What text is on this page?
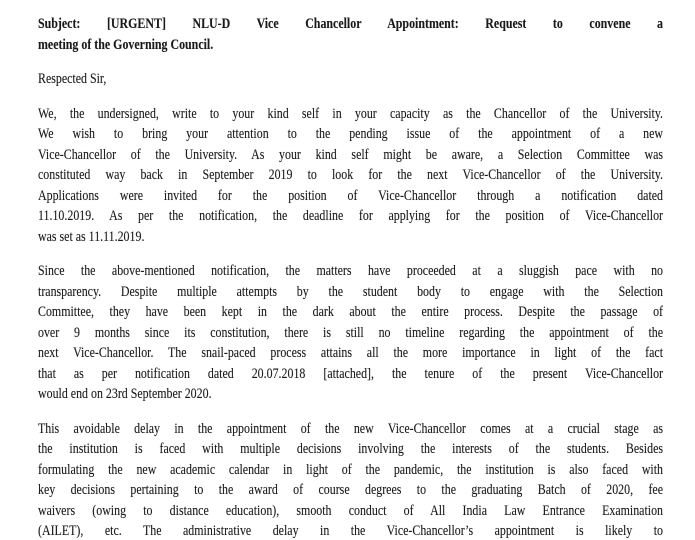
Subject: [URGENT] NLU-D Vice Chancellor Appointment: Request to convene a
meeting of the Governing Council.
Respected Sir,
We, the undersigned, write to your kind self in your capacity as the Chancellor of the University.
We wish to bring your attention to the pending issue of the appointment of a new
Vice-Chancellor of the University. As your kind self might be aware, a Selection Committee was
constituted way back in September 2019 to look for the next Vice-Chancellor of the University.
Applications were invited for the position of Vice-Chancellor through a notification dated
11.10.2019. As per the notification, the deadline for applying for the position of Vice-Chancellor
was set as 11.11.2019.
Since the above-mentioned notification, the matters have proceeded at a sluggish pace with no
transparency. Despite multiple attempts by the student body to engage with the Selection
Committee, they have been kept in the dark about the entire process. Despite the passage of
over 9 months since its constitution, there is still no timeline regarding the appointment of the
next Vice-Chancellor. The snail-paced process attains all the more importance in light of the fact
that as per notification dated 20.07.2018 [attached], the tenure of the present Vice-Chancellor
would end on 23rd September 2020.
This avoidable delay in the appointment of the new Vice-Chancellor comes at a crucial stage as
the institution is faced with multiple decisions involving the interests of the students. Besides
formulating the new academic calendar in light of the pandemic, the institution is also faced with
key decisions pertaining to the award of course degrees to the graduating Batch of 2020, fee
waivers (owing to distance education), smooth conduct of All India Law Entrance Examination
(AILET), etc. The administrative delay in the Vice-Chancellor’s appointment is likely to
